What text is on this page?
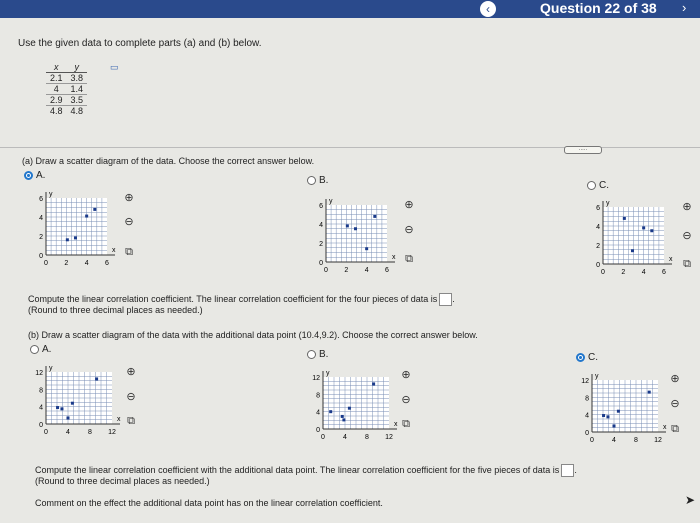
‹	Question 22 of 38 ›
Use the given data to complete parts (a) and (b) below.
x	y
2.1	3.8
4	1.4
2.9	3.5
4.8	4.8
▭
.....
(a) Draw a scatter diagram of the data. Choose the correct answer below.
A.	B.	C.
0 2 4 6
0
2
4
6
x
y
0 2 4 6
0
2
4
6
x
y
0 2 4 6
0
2
4
6
x
y
⊕
⊖
⧉
⊕
⊖
⧉
⊕
⊖
⧉
Compute the linear correlation coefficient. The linear correlation coefficient for the four pieces of data is .
(Round to three decimal places as needed.)
(b) Draw a scatter diagram of the data with the additional data point (10.4,9.2). Choose the correct answer below.
A.	B.	C.
0	4	8 12
0
4
8
12
x
y
0	4	8 12
0
4
8
12
x
y
0	4	8 12
0
4
8
12
x
y
⊕
⊖
⧉
⊕
⊖
⧉
⊕
⊖
⧉
Compute the linear correlation coefficient with the additional data point. The linear correlation coefficient for the five pieces of data is .
(Round to three decimal places as needed.)
Comment on the effect the additional data point has on the linear correlation coefficient.	➤
